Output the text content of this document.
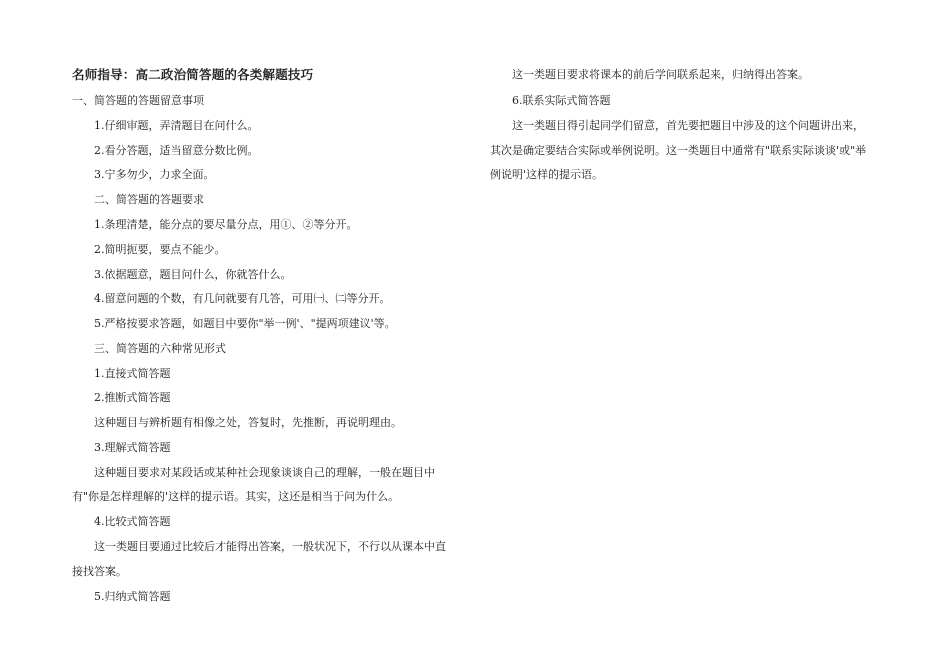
名师指导：高二政治简答题的各类解题技巧
一、简答题的答题留意事项
1.仔细审题，弄清题目在问什么。
2.看分答题，适当留意分数比例。
3.宁多勿少，力求全面。
二、简答题的答题要求
1.条理清楚，能分点的要尽量分点，用①、②等分开。
2.简明扼要，要点不能少。
3.依据题意，题目问什么，你就答什么。
4.留意问题的个数，有几问就要有几答，可用㈠、㈡等分开。
5.严格按要求答题，如题目中要你"举一例'、"提两项建议'等。
三、简答题的六种常见形式
1.直接式简答题
2.推断式简答题
这种题目与辨析题有相像之处，答复时，先推断，再说明理由。
3.理解式简答题
这种题目要求对某段话或某种社会现象谈谈自己的理解，一般在题目中
有"你是怎样理解的'这样的提示语。其实，这还是相当于问为什么。
4.比较式简答题
这一类题目要通过比较后才能得出答案，一般状况下，不行以从课本中直
接找答案。
5.归纳式简答题
这一类题目要求将课本的前后学问联系起来，归纳得出答案。
6.联系实际式简答题
这一类题目得引起同学们留意，首先要把题目中涉及的这个问题讲出来，
其次是确定要结合实际或举例说明。这一类题目中通常有"联系实际谈谈'或"举
例说明'这样的提示语。
